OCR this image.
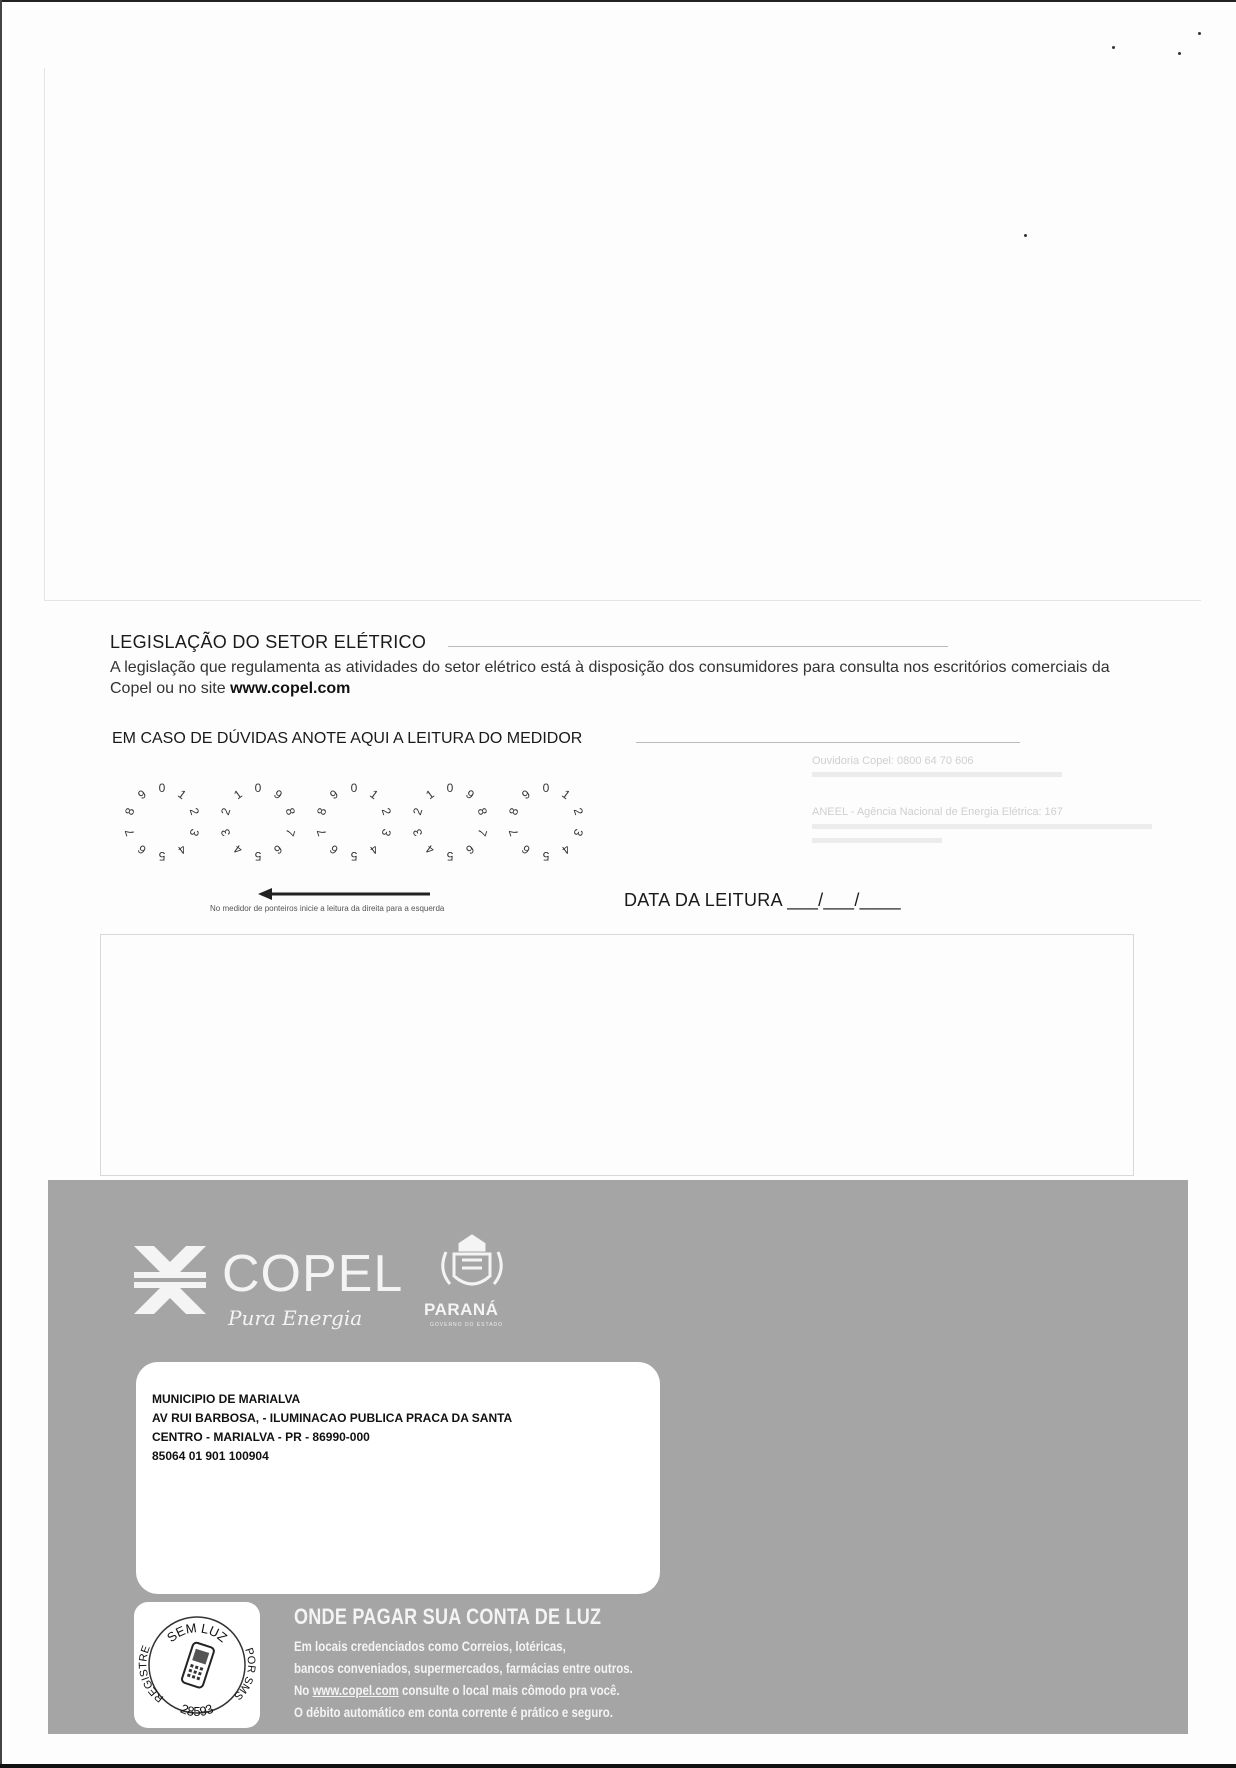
LEGISLAÇÃO DO SETOR ELÉTRICO
A legislação que regulamenta as atividades do setor elétrico está à disposição dos consumidores para consulta nos escritórios comerciais da Copel ou no site www.copel.com
EM CASO DE DÚVIDAS ANOTE AQUI A LEITURA DO MEDIDOR
0 1
2
3
4
5
6
7
8
9	0
1
2
3
4 5 6
7
8
9	0 1
2
3
4
5
6
7
8
9	0
1
2
3
4 5 6
7
8
9	0 1
2
3
4
5
6
7
8
9
Ouvidoria Copel: 0800 64 70 606
ANEEL - Agência Nacional de Energia Elétrica: 167
No medidor de ponteiros inicie a leitura da direita para a esquerda	DATA DA LEITURA ___/___/____
COPEL
Pura Energia	PARANÁ
GOVERNO DO ESTADO
MUNICIPIO DE MARIALVA
AV RUI BARBOSA, - ILUMINACAO PUBLICA PRACA DA SANTA
CENTRO - MARIALVA - PR - 86990-000
85064 01 901 100904
SEM LUZ
REGISTRE	POR SMS
28593
ONDE PAGAR SUA CONTA DE LUZ
Em locais credenciados como Correios, lotéricas,
bancos conveniados, supermercados, farmácias entre outros.
No www.copel.com consulte o local mais cômodo pra você.
O débito automático em conta corrente é prático e seguro.
